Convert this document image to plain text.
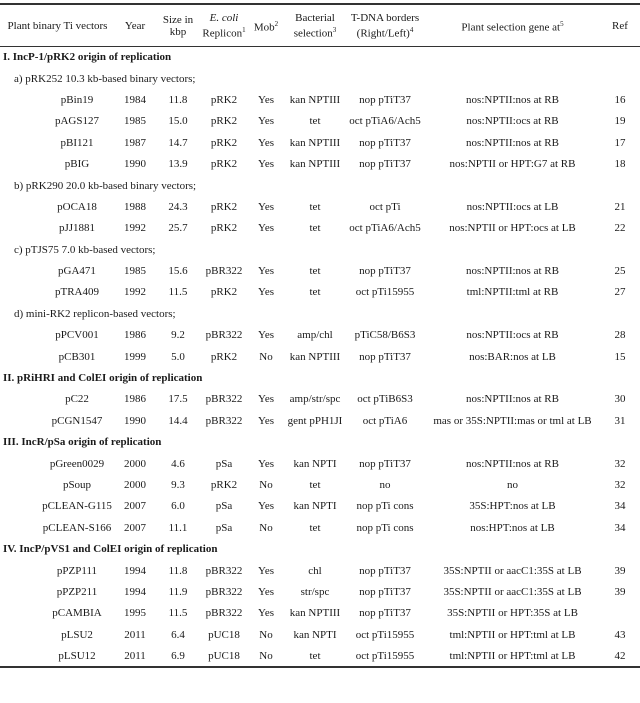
Plant binary Ti vectors	Year	Size in kbp	E. coli
Replicon$^1$	Mob$^2$	Bacterial selection$^3$	T-DNA borders (Right/Left)$^4$	Plant selection gene $at^5$	Ref
I. IncP-1/pRK2 origin of replication								
a) pRK252 10.3 kb-based binary vectors;								
pBin19	1984	11.8	pRK2	Yes	kan NPTIII	nop pTiT37	nos:NPTII:nos at RB	16
pAGS127	1985	15.0	pRK2	Yes	tet	oct pTiA6/Ach5	nos:NPTII:ocs at RB	19
pBI121	1987	14.7	pRK2	Yes	kan NPTIII	nop pTiT37	nos:NPTII:nos at RB	17
pBIG	1990	13.9	pRK2	Yes	kan NPTIII	nop pTiT37	nos:NPTII or HPT:G7 at RB	18
b) pRK290 20.0 kb-based binary vectors;								
pOCA18	1988	24.3	pRK2	Yes	tet	oct pTi	nos:NPTII:ocs at LB	21
pJJ1881	1992	25.7	pRK2	Yes	tet	oct pTiA6/Ach5	nos:NPTII or HPT:ocs at LB	22
c) pTJS75 7.0 kb-based vectors;								
pGA471	1985	15.6	pBR322	Yes	tet	nop pTiT37	nos:NPTII:nos at RB	25
pTRA409	1992	11.5	pRK2	Yes	tet	oct pTi15955	tml:NPTII:tml at RB	27
d) mini-RK2 replicon-based vectors;								
pPCV001	1986	9.2	pBR322	Yes	amp/chl	pTiC58/B6S3	nos:NPTII:ocs at RB	28
pCB301	1999	5.0	pRK2	No	kan NPTIII	nop pTiT37	nos:BAR:nos at LB	15
II. pRiHRI and ColEI origin of replication								
pC22	1986	17.5	pBR322	Yes	amp/str/spc	oct pTiB6S3	nos:NPTII:nos at RB	30
pCGN1547	1990	14.4	pBR322	Yes	gent pPH1JI	oct pTiA6	mas or 35S:NPTII:mas or tml at LB	31
III. IncR/pSa origin of replication								
pGreen0029	2000	4.6	pSa	Yes	kan NPTI	nop pTiT37	nos:NPTII:nos at RB	32
pSoup	2000	9.3	pRK2	No	tet	no	no	32
pCLEAN-G115	2007	6.0	pSa	Yes	kan NPTI	nop pTi cons	35S:HPT:nos at LB	34
pCLEAN-S166	2007	11.1	pSa	No	tet	nop pTi cons	nos:HPT:nos at LB	34
IV. IncP/pVS1 and ColEI origin of replication								
pPZP111	1994	11.8	pBR322	Yes	chl	nop pTiT37	35S:NPTII or aacC1:35S at LB	39
pPZP211	1994	11.9	pBR322	Yes	str/spc	nop pTiT37	35S:NPTII or aacC1:35S at LB	39
pCAMBIA	1995	11.5	pBR322	Yes	kan NPTIII	nop pTiT37	35S:NPTII or HPT:35S at LB	
pLSU2	2011	6.4	pUC18	No	kan NPTI	oct pTi15955	tml:NPTII or HPT:tml at LB	43
pLSU12	2011	6.9	pUC18	No	tet	oct pTi15955	tml:NPTII or HPT:tml at LB	42
